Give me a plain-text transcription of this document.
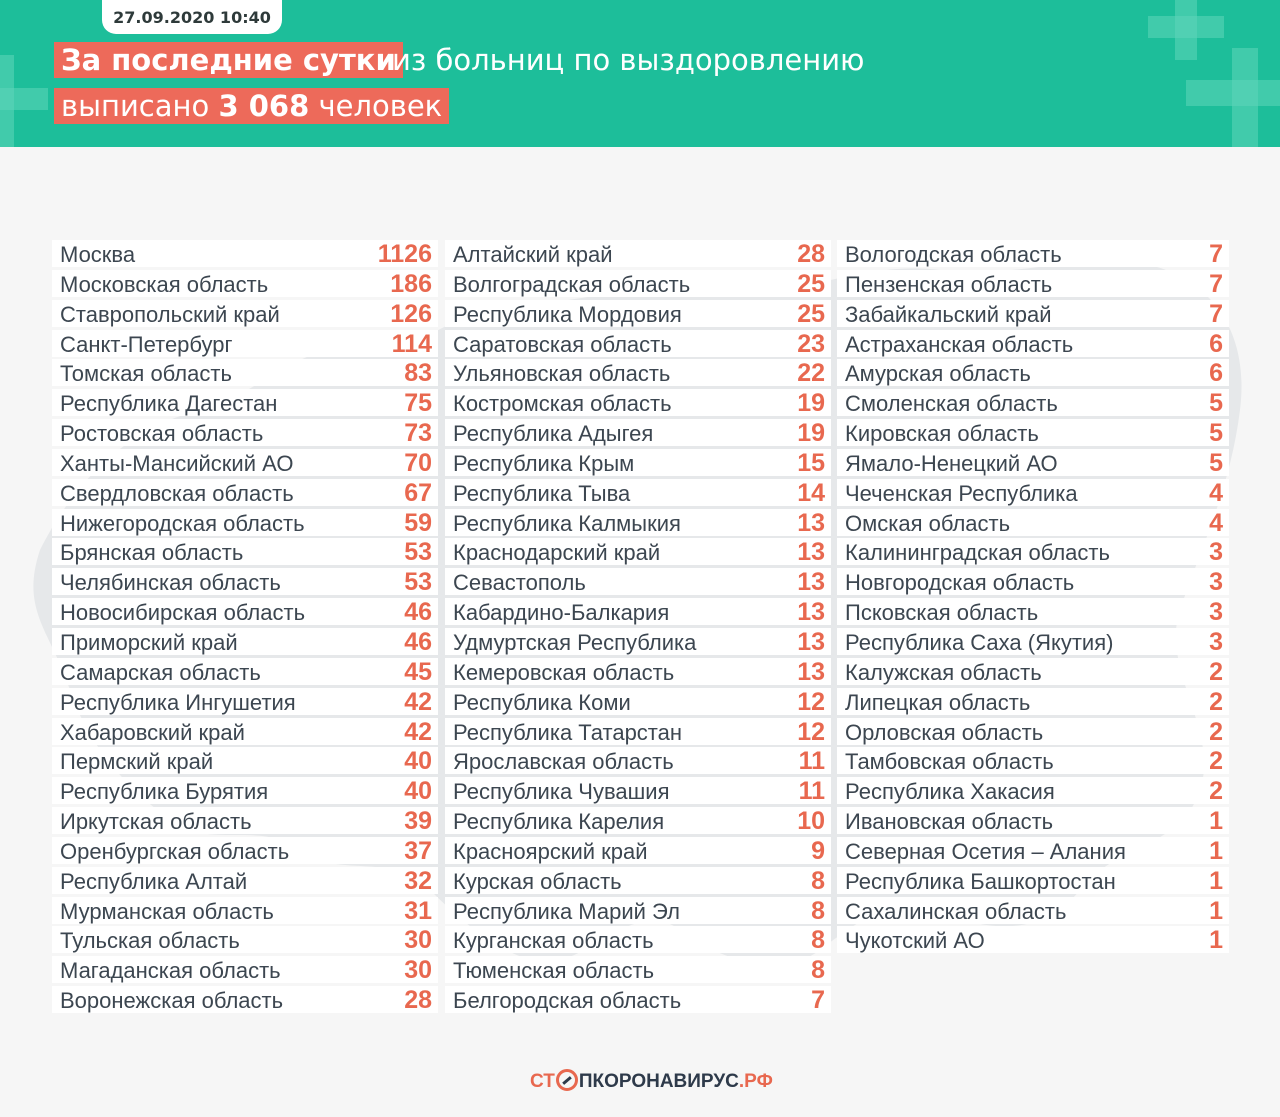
27.09.2020 10:40
За последние сутки
из больниц по выздоровлению
выписано 3 068 человек
Москва	1126
Московская область	186
Ставропольский край	126
Санкт-Петербург	114
Томская область	83
Республика Дагестан	75
Ростовская область	73
Ханты-Мансийский АО	70
Свердловская область	67
Нижегородская область	59
Брянская область	53
Челябинская область	53
Новосибирская область	46
Приморский край	46
Самарская область	45
Республика Ингушетия	42
Хабаровский край	42
Пермский край	40
Республика Бурятия	40
Иркутская область	39
Оренбургская область	37
Республика Алтай	32
Мурманская область	31
Тульская область	30
Магаданская область	30
Воронежская область	28
Алтайский край	28
Волгоградская область	25
Республика Мордовия	25
Саратовская область	23
Ульяновская область	22
Костромская область	19
Республика Адыгея	19
Республика Крым	15
Республика Тыва	14
Республика Калмыкия	13
Краснодарский край	13
Севастополь	13
Кабардино-Балкария	13
Удмуртская Республика	13
Кемеровская область	13
Республика Коми	12
Республика Татарстан	12
Ярославская область	11
Республика Чувашия	11
Республика Карелия	10
Красноярский край	9
Курская область	8
Республика Марий Эл	8
Курганская область	8
Тюменская область	8
Белгородская область	7
Вологодская область	7
Пензенская область	7
Забайкальский край	7
Астраханская область	6
Амурская область	6
Смоленская область	5
Кировская область	5
Ямало-Ненецкий АО	5
Чеченская Республика	4
Омская область	4
Калининградская область	3
Новгородская область	3
Псковская область	3
Республика Саха (Якутия)	3
Калужская область	2
Липецкая область	2
Орловская область	2
Тамбовская область	2
Республика Хакасия	2
Ивановская область	1
Северная Осетия – Алания	1
Республика Башкортостан	1
Сахалинская область	1
Чукотский АО	1
СТ ПКОРОНАВИРУС.РФ
